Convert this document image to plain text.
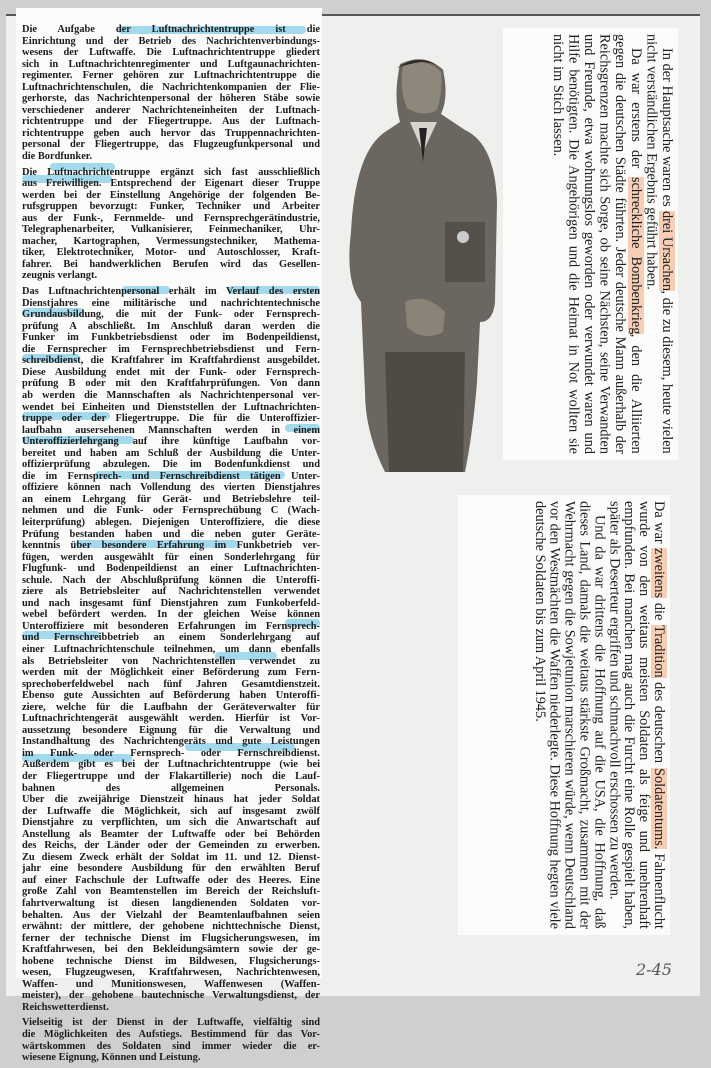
Die Aufgabe der Luftnachrichtentruppe ist die
Einrichtung und der Betrieb des Nachrichtenverbindungs-
wesens der Luftwaffe. Die Luftnachrichtentruppe gliedert
sich in Luftnachrichtenregimenter und Luftgaunachrichten-
regimenter. Ferner gehören zur Luftnachrichtentruppe die
Luftnachrichtenschulen, die Nachrichtenkompanien der Flie-
gerhorste, das Nachrichtenpersonal der höheren Stäbe sowie
verschiedener anderer Nachrichteneinheiten der Luftnach-
richtentruppe und der Fliegertruppe. Aus der Luftnach-
richtentruppe geben auch hervor das Truppennachrichten-
personal der Fliegertruppe, das Flugzeugfunkpersonal und
die Bordfunker.
Die Luftnachrichtentruppe ergänzt sich fast ausschließlich
aus Freiwilligen. Entsprechend der Eigenart dieser Truppe
werden bei der Einstellung Angehörige der folgenden Be-
rufsgruppen bevorzugt: Funker, Techniker und Arbeiter
aus der Funk-, Fernmelde- und Fernsprechgerätindustrie,
Telegraphenarbeiter, Vulkanisierer, Feinmechaniker, Uhr-
macher, Kartographen, Vermessungstechniker, Mathema-
tiker, Elektrotechniker, Motor- und Autoschlosser, Kraft-
fahrer. Bei handwerklichen Berufen wird das Gesellen-
zeugnis verlangt.
Das Luftnachrichtenpersonal erhält im Verlauf des ersten
Dienstjahres eine militärische und nachrichtentechnische
Grundausbildung, die mit der Funk- oder Fernsprech-
prüfung A abschließt. Im Anschluß daran werden die
Funker im Funkbetriebsdienst oder im Bodenpeildienst,
die Fernsprecher im Fernsprechbetriebsdienst und Fern-
schreibdienst, die Kraftfahrer im Kraftfahrdienst ausgebildet.
Diese Ausbildung endet mit der Funk- oder Fernsprech-
prüfung B oder mit den Kraftfahrprüfungen. Von dann
ab werden die Mannschaften als Nachrichtenpersonal ver-
wendet bei Einheiten und Dienststellen der Luftnachrichten-
truppe oder der Fliegertruppe. Die für die Unteroffizier-
laufbahn ausersehenen Mannschaften werden in einem
Unteroffizierlehrgang auf ihre künftige Laufbahn vor-
bereitet und haben am Schluß der Ausbildung die Unter-
offizierprüfung abzulegen. Die im Bodenfunkdienst und
die im Fernsprech- und Fernschreibdienst tätigen Unter-
offiziere können nach Vollendung des vierten Dienstjahres
an einem Lehrgang für Gerät- und Betriebslehre teil-
nehmen und die Funk- oder Fernsprechübung C (Wach-
leiterprüfung) ablegen. Diejenigen Unteroffiziere, die diese
Prüfung bestanden haben und die neben guter Geräte-
kenntnis über besondere Erfahrung im Funkbetrieb ver-
fügen, werden ausgewählt für einen Sonderlehrgang für
Flugfunk- und Bodenpeildienst an einer Luftnachrichten-
schule. Nach der Abschlußprüfung können die Unteroffi-
ziere als Betriebsleiter auf Nachrichtenstellen verwendet
und nach insgesamt fünf Dienstjahren zum Funkoberfeld-
webel befördert werden. In der gleichen Weise können
Unteroffiziere mit besonderen Erfahrungen im Fernsprech-
und Fernschreibbetrieb an einem Sonderlehrgang auf
einer Luftnachrichtenschule teilnehmen, um dann ebenfalls
als Betriebsleiter von Nachrichtenstellen verwendet zu
werden mit der Möglichkeit einer Beförderung zum Fern-
sprechoberfeldwebel nach fünf Jahren Gesamtdienstzeit.
Ebenso gute Aussichten auf Beförderung haben Unteroffi-
ziere, welche für die Laufbahn der Geräteverwalter für
Luftnachrichtengerät ausgewählt werden. Hierfür ist Vor-
aussetzung besondere Eignung für die Verwaltung und
Instandhaltung des Nachrichtengeräts und gute Leistungen
im Funk- oder Fernsprech- oder Fernschreibdienst.
Außerdem gibt es bei der Luftnachrichtentruppe (wie bei
der Fliegertruppe und der Flakartillerie) noch die Lauf-
bahnen des allgemeinen Personals.
Über die zweijährige Dienstzeit hinaus hat jeder Soldat
der Luftwaffe die Möglichkeit, sich auf insgesamt zwölf
Dienstjahre zu verpflichten, um sich die Anwartschaft auf
Anstellung als Beamter der Luftwaffe oder bei Behörden
des Reichs, der Länder oder der Gemeinden zu erwerben.
Zu diesem Zweck erhält der Soldat im 11. und 12. Dienst-
jahr eine besondere Ausbildung für den erwählten Beruf
auf einer Fachschule der Luftwaffe oder des Heeres. Eine
große Zahl von Beamtenstellen im Bereich der Reichsluft-
fahrtverwaltung ist diesen langdienenden Soldaten vor-
behalten. Aus der Vielzahl der Beamtenlaufbahnen seien
erwähnt: der mittlere, der gehobene nichttechnische Dienst,
ferner der technische Dienst im Flugsicherungswesen, im
Kraftfahrwesen, bei den Bekleidungsämtern sowie der ge-
hobene technische Dienst im Bildwesen, Flugsicherungs-
wesen, Flugzeugwesen, Kraftfahrwesen, Nachrichtenwesen,
Waffen- und Munitionswesen, Waffenwesen (Waffen-
meister), der gehobene bautechnische Verwaltungsdienst, der
Reichswetterdienst.
Vielseitig ist der Dienst in der Luftwaffe, vielfältig sind
die Möglichkeiten des Aufstiegs. Bestimmend für das Vor-
wärtskommen des Soldaten sind immer wieder die er-
wiesene Eignung, Können und Leistung.

In der Hauptsache waren es drei Ursachen, die zu diesem, heute vielen nicht verständlichen Ergebnis geführt haben.

Da war erstens der schreckliche Bombenkrieg, den die Alliierten gegen die deutschen Städte führten. Jeder deutsche Mann außerhalb der Reichsgrenzen machte sich Sorge, ob seine Nächsten, seine Verwandten und Freunde, etwa wohnungslos geworden oder verwundet waren und Hilfe benötigten. Die Angehörigen und die Heimat in Not wollten sie nicht im Stich lassen.

Da war zweitens die Tradition des deutschen Soldatentums. Fahnenflucht wurde von den weitaus meisten Soldaten als feige und unehrenhaft empfunden. Bei manchen mag auch die Furcht eine Rolle gespielt haben, später als Deserteur ergriffen und schmachvoll erschossen zu werden.

Und da war drittens die Hoffnung auf die USA, die Hoffnung, daß dieses Land, damals die weitaus stärkste Großmacht, zusammen mit der Wehrmacht gegen die Sowjetunion marschieren würde, wenn Deutschland vor den Westmächten die Waffen niederlegte. Diese Hoffnung hegten viele deutsche Soldaten bis zum April 1945.

2-45
